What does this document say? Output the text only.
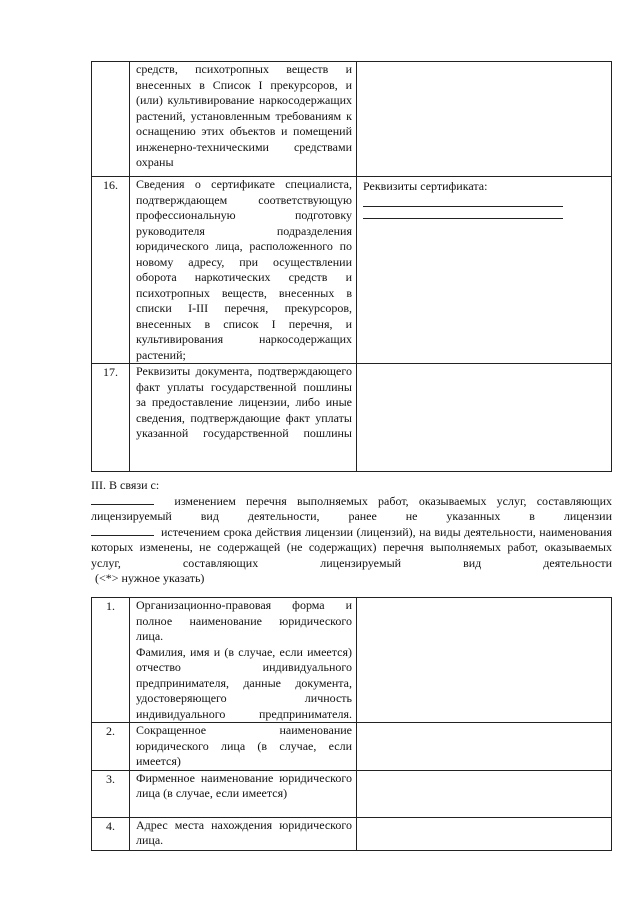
	средств, психотропных веществ и внесенных в Список I прекурсоров, и (или) культивирование наркосодержащих растений, установленным требованиям к оснащению этих объектов и помещений инженерно-техническими средствами охраны	

16.	Сведения о сертификате специалиста, подтверждающем соответствующую профессиональную подготовку руководителя подразделения юридического лица, расположенного по новому адресу, при осуществлении оборота наркотических средств и психотропных веществ, внесенных в списки I-III перечня, прекурсоров, внесенных в список I перечня, и культивирования наркосодержащих растений;	Реквизиты сертификата:

17.	Реквизиты документа, подтверждающего факт уплаты государственной пошлины за предоставление лицензии, либо иные сведения, подтверждающие факт уплаты указанной государственной пошлины	

III. В связи с:

изменением перечня выполняемых работ, оказываемых услуг, составляющих лицензируемый вид деятельности, ранее не указанных в лицензии

истечением срока действия лицензии (лицензий), на виды деятельности, наименования которых изменены, не содержащей (не содержащих) перечня выполняемых работ, оказываемых услуг, составляющих лицензируемый вид деятельности

(<*> нужное указать)

1.	Организационно-правовая форма и полное наименование юридического лица.
Фамилия, имя и (в случае, если имеется) отчество индивидуального предпринимателя, данные документа, удостоверяющего личность индивидуального предпринимателя.	

2.	Сокращенное наименование юридического лица (в случае, если имеется)	

3.	Фирменное наименование юридического лица (в случае, если имеется)	

4.	Адрес места нахождения юридического лица.	
